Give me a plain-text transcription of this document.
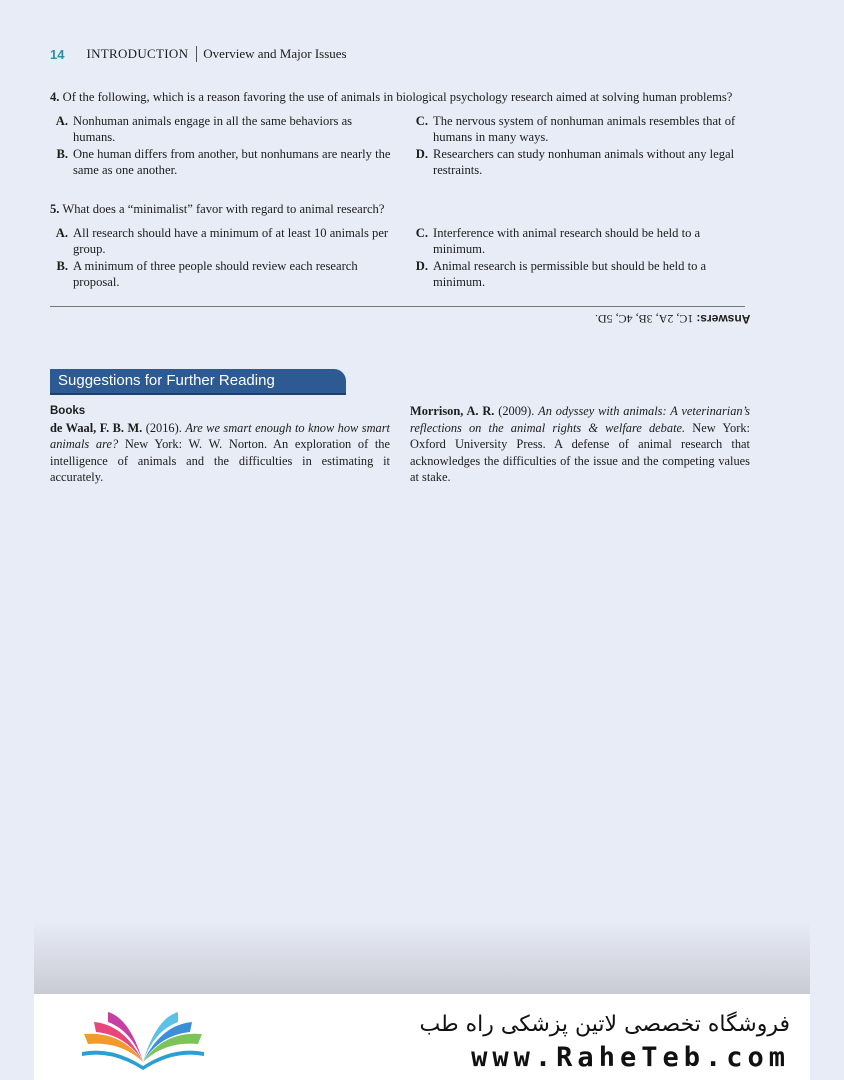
14 INTRODUCTION Overview and Major Issues
4. Of the following, which is a reason favoring the use of animals in biological psychology research aimed at solving human problems?
A. Nonhuman animals engage in all the same behaviors as humans.
B. One human differs from another, but nonhumans are nearly the same as one another.
C. The nervous system of nonhuman animals resembles that of humans in many ways.
D. Researchers can study nonhuman animals without any legal restraints.
5. What does a “minimalist” favor with regard to animal research?
A. All research should have a minimum of at least 10 animals per group.
B. A minimum of three people should review each research proposal.
C. Interference with animal research should be held to a minimum.
D. Animal research is permissible but should be held to a minimum.
Answers: 1C, 2A, 3B, 4C, 5D.
Suggestions for Further Reading
Books
de Waal, F. B. M. (2016). Are we smart enough to know how smart animals are? New York: W. W. Norton. An exploration of the intelligence of animals and the difficulties in estimating it accurately.
Morrison, A. R. (2009). An odyssey with animals: A veterinarian’s reflections on the animal rights & welfare debate. New York: Oxford University Press. A defense of animal research that acknowledges the difficulties of the issue and the competing values at stake.
فروشگاه تخصصی لاتین پزشکی راه طب
www.RaheTeb.com
